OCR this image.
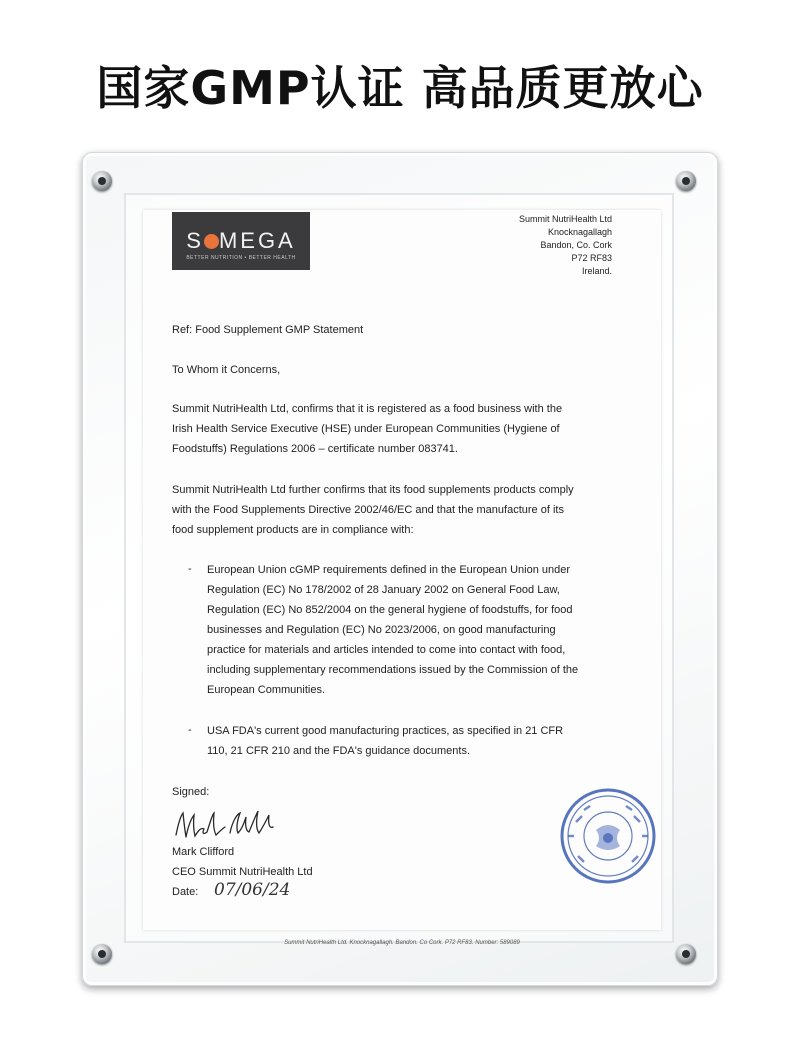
国家GMP认证 高品质更放心
S MEGA
BETTER NUTRITION • BETTER HEALTH
Summit NutriHealth Ltd
Knocknagallagh
Bandon, Co. Cork
P72 RF83
Ireland.
Ref: Food Supplement GMP Statement
To Whom it Concerns,
Summit NutriHealth Ltd, confirms that it is registered as a food business with the
Irish Health Service Executive (HSE) under European Communities (Hygiene of
Foodstuffs) Regulations 2006 – certificate number 083741.
Summit NutriHealth Ltd further confirms that its food supplements products comply
with the Food Supplements Directive 2002/46/EC and that the manufacture of its
food supplement products are in compliance with:
- European Union cGMP requirements defined in the European Union under
Regulation (EC) No 178/2002 of 28 January 2002 on General Food Law,
Regulation (EC) No 852/2004 on the general hygiene of foodstuffs, for food
businesses and Regulation (EC) No 2023/2006, on good manufacturing
practice for materials and articles intended to come into contact with food,
including supplementary recommendations issued by the Commission of the
European Communities.
- USA FDA's current good manufacturing practices, as specified in 21 CFR
110, 21 CFR 210 and the FDA's guidance documents.
Signed:
Mark Clifford
CEO Summit NutriHealth Ltd
Date: 07/06/24
Summit NutriHealth Ltd. Knocknagallagh. Bandon. Co Cork. P72 RF83. Number: 589089
